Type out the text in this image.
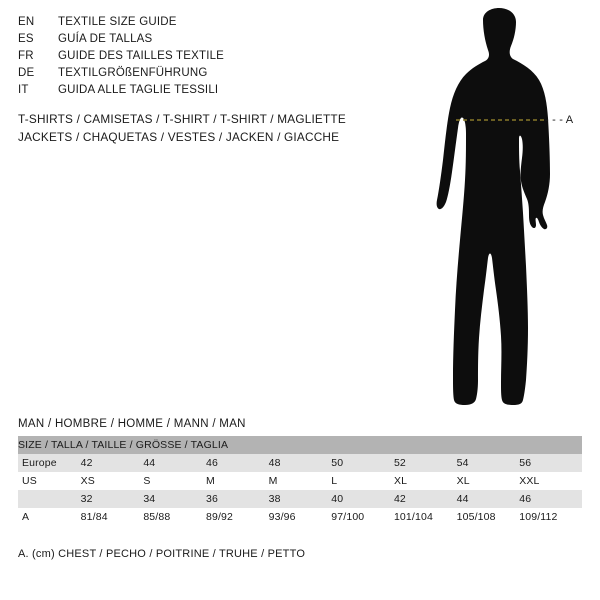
EN	TEXTILE SIZE GUIDE
ES	GUÍA DE TALLAS
FR	GUIDE DES TAILLES TEXTILE
DE	TEXTILGRÖßENFÜHRUNG
IT	GUIDA ALLE TAGLIE TESSILI
T-SHIRTS / CAMISETAS / T-SHIRT / T-SHIRT / MAGLIETTE
JACKETS / CHAQUETAS / VESTES / JACKEN / GIACCHE
- - - A
MAN / HOMBRE / HOMME / MANN / MAN
SIZE / TALLA / TAILLE / GRÖSSE / TAGLIA								
Europe	42	44	46	48	50	52	54	56
US	XS	S	M	M	L	XL	XL	XXL
	32	34	36	38	40	42	44	46
A	81/84	85/88	89/92	93/96	97/100	101/104	105/108	109/112
A. (cm) CHEST / PECHO / POITRINE / TRUHE / PETTO
